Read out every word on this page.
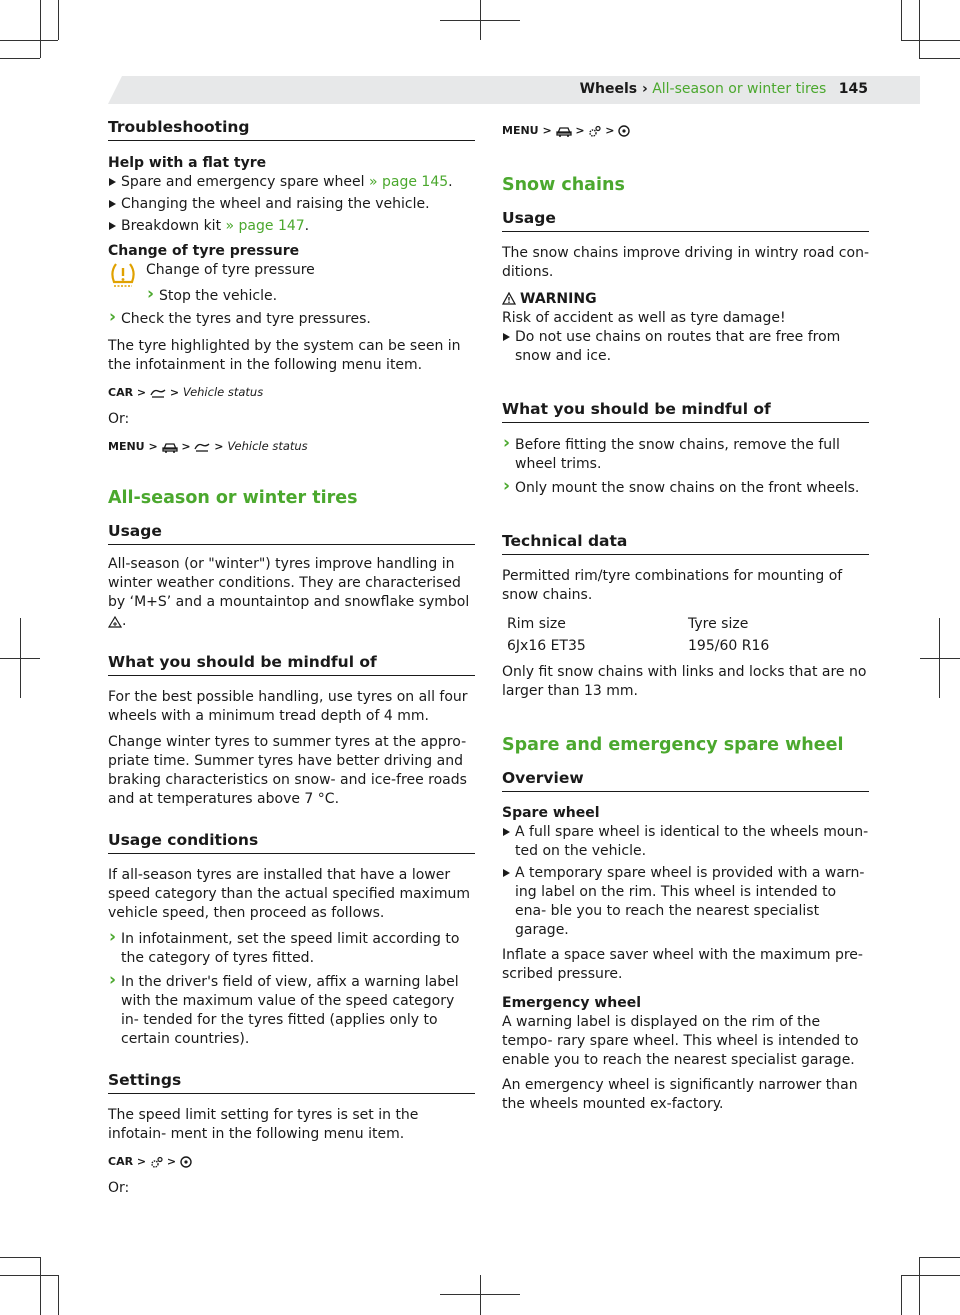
Wheels › All-season or winter tires 145
Troubleshooting

Help with a flat tyre

Spare and emergency spare wheel » page 145.
Changing the wheel and raising the vehicle.
Breakdown kit » page 147.

Change of tyre pressure

Change of tyre pressure

› Stop the vehicle.
› Check the tyres and tyre pressures.

The tyre highlighted by the system can be seen in the infotainment in the following menu item.

CAR > > Vehicle status

Or:

MENU > > > Vehicle status
All-season or winter tires
Usage

All-season (or "winter") tyres improve handling in winter weather conditions. They are characterised by ‘M+S’ and a mountaintop and snowflake symbol
.

What you should be mindful of

For the best possible handling, use tyres on all four wheels with a minimum tread depth of 4 mm.

Change winter tyres to summer tyres at the appro- priate time. Summer tyres have better driving and braking characteristics on snow- and ice-free roads and at temperatures above 7 °C.

Usage conditions

If all-season tyres are installed that have a lower speed category than the actual specified maximum vehicle speed, then proceed as follows.

› In infotainment, set the speed limit according to the category of tyres fitted.
› In the driver's field of view, affix a warning label with the maximum value of the speed category in- tended for the tyres fitted (applies only to certain countries).
Settings

The speed limit setting for tyres is set in the infotain- ment in the following menu item.

CAR > >

Or:

MENU > > >
Snow chains
Usage

The snow chains improve driving in wintry road con- ditions.

WARNING

Risk of accident as well as tyre damage!

Do not use chains on routes that are free from snow and ice.
What you should be mindful of
› Before fitting the snow chains, remove the full wheel trims.
› Only mount the snow chains on the front wheels.
Technical data

Permitted rim/tyre combinations for mounting of snow chains.

Rim size	Tyre size
6Jx16 ET35	195/60 R16

Only fit snow chains with links and locks that are no larger than 13 mm.

Spare and emergency spare wheel
Overview

Spare wheel

A full spare wheel is identical to the wheels moun- ted on the vehicle.
A temporary spare wheel is provided with a warn- ing label on the rim. This wheel is intended to ena- ble you to reach the nearest specialist garage.

Inflate a space saver wheel with the maximum pre- scribed pressure.

Emergency wheel

A warning label is displayed on the rim of the tempo- rary spare wheel. This wheel is intended to enable you to reach the nearest specialist garage.

An emergency wheel is significantly narrower than the wheels mounted ex-factory.
